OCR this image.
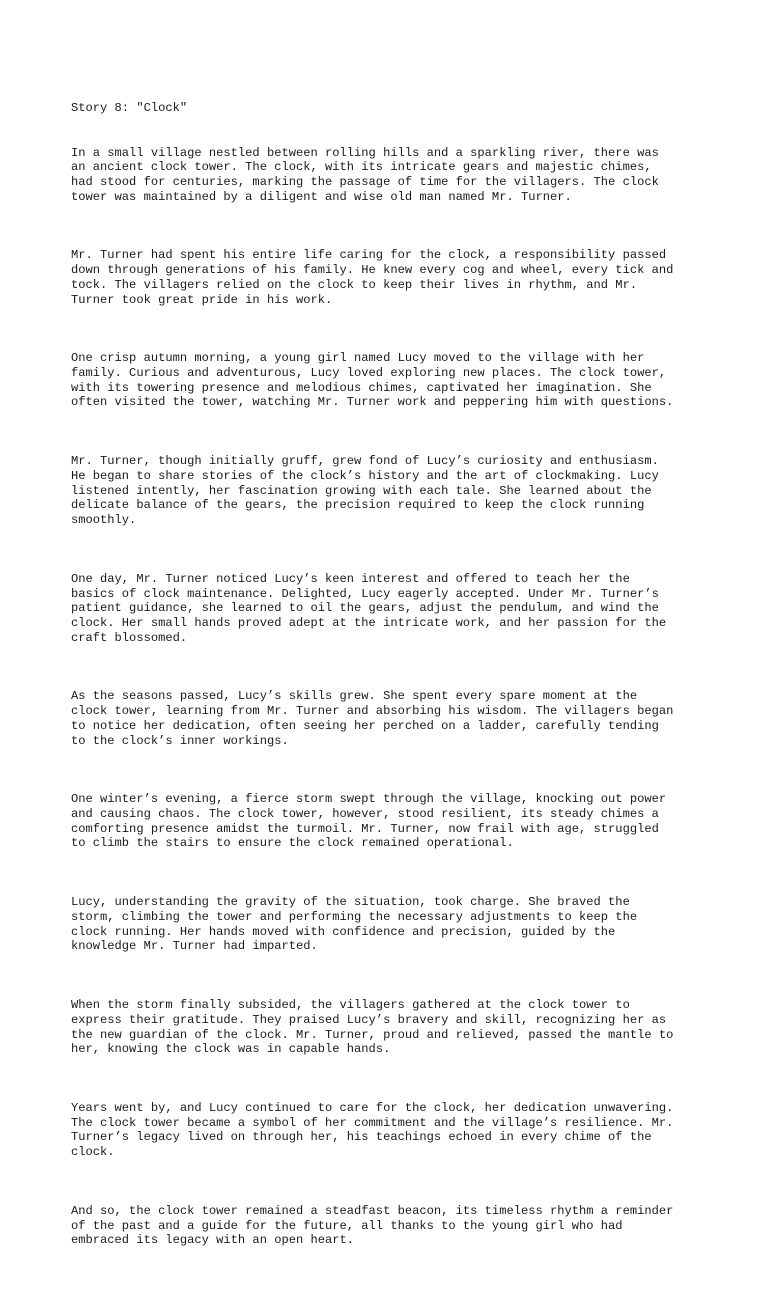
Story 8: "Clock"

In a small village nestled between rolling hills and a sparkling river, there was
an ancient clock tower. The clock, with its intricate gears and majestic chimes,
had stood for centuries, marking the passage of time for the villagers. The clock
tower was maintained by a diligent and wise old man named Mr. Turner.

Mr. Turner had spent his entire life caring for the clock, a responsibility passed
down through generations of his family. He knew every cog and wheel, every tick and
tock. The villagers relied on the clock to keep their lives in rhythm, and Mr.
Turner took great pride in his work.

One crisp autumn morning, a young girl named Lucy moved to the village with her
family. Curious and adventurous, Lucy loved exploring new places. The clock tower,
with its towering presence and melodious chimes, captivated her imagination. She
often visited the tower, watching Mr. Turner work and peppering him with questions.

Mr. Turner, though initially gruff, grew fond of Lucy’s curiosity and enthusiasm.
He began to share stories of the clock’s history and the art of clockmaking. Lucy
listened intently, her fascination growing with each tale. She learned about the
delicate balance of the gears, the precision required to keep the clock running
smoothly.

One day, Mr. Turner noticed Lucy’s keen interest and offered to teach her the
basics of clock maintenance. Delighted, Lucy eagerly accepted. Under Mr. Turner’s
patient guidance, she learned to oil the gears, adjust the pendulum, and wind the
clock. Her small hands proved adept at the intricate work, and her passion for the
craft blossomed.

As the seasons passed, Lucy’s skills grew. She spent every spare moment at the
clock tower, learning from Mr. Turner and absorbing his wisdom. The villagers began
to notice her dedication, often seeing her perched on a ladder, carefully tending
to the clock’s inner workings.

One winter’s evening, a fierce storm swept through the village, knocking out power
and causing chaos. The clock tower, however, stood resilient, its steady chimes a
comforting presence amidst the turmoil. Mr. Turner, now frail with age, struggled
to climb the stairs to ensure the clock remained operational.

Lucy, understanding the gravity of the situation, took charge. She braved the
storm, climbing the tower and performing the necessary adjustments to keep the
clock running. Her hands moved with confidence and precision, guided by the
knowledge Mr. Turner had imparted.

When the storm finally subsided, the villagers gathered at the clock tower to
express their gratitude. They praised Lucy’s bravery and skill, recognizing her as
the new guardian of the clock. Mr. Turner, proud and relieved, passed the mantle to
her, knowing the clock was in capable hands.

Years went by, and Lucy continued to care for the clock, her dedication unwavering.
The clock tower became a symbol of her commitment and the village’s resilience. Mr.
Turner’s legacy lived on through her, his teachings echoed in every chime of the
clock.

And so, the clock tower remained a steadfast beacon, its timeless rhythm a reminder
of the past and a guide for the future, all thanks to the young girl who had
embraced its legacy with an open heart.
